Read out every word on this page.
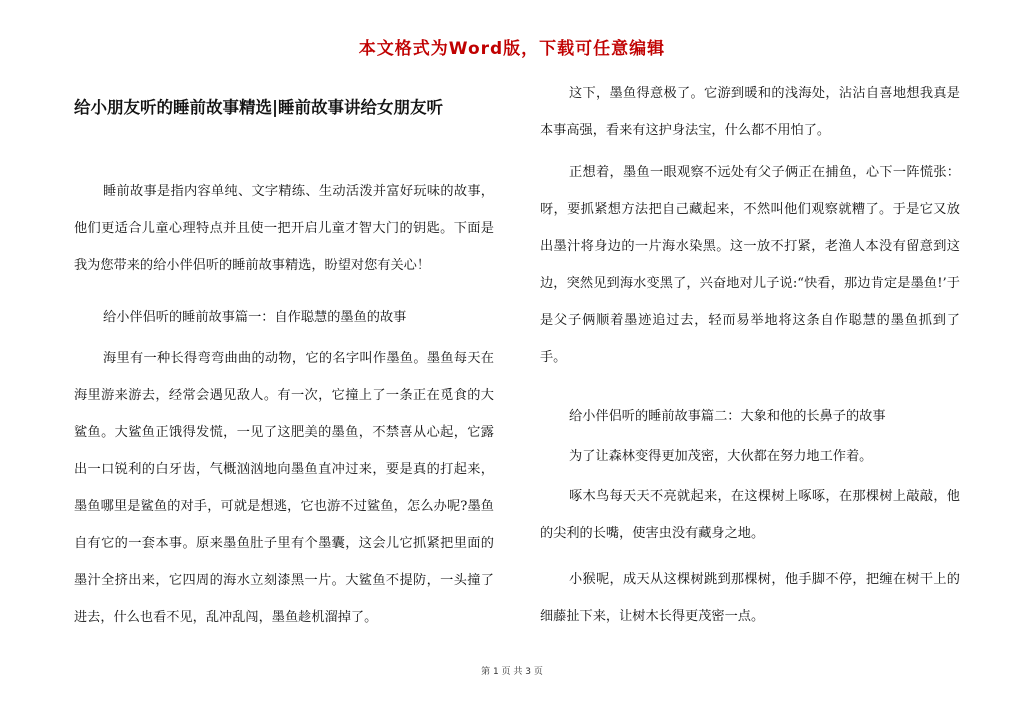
本文格式为Word版，下载可任意编辑
给小朋友听的睡前故事精选|睡前故事讲给女朋友听
睡前故事是指内容单纯、文字精练、生动活泼并富好玩味的故事，他们更适合儿童心理特点并且使一把开启儿童才智大门的钥匙。下面是我为您带来的给小伴侣听的睡前故事精选，盼望对您有关心！
给小伴侣听的睡前故事篇一：自作聪慧的墨鱼的故事
海里有一种长得弯弯曲曲的动物，它的名字叫作墨鱼。墨鱼每天在海里游来游去，经常会遇见敌人。有一次，它撞上了一条正在觅食的大鲨鱼。大鲨鱼正饿得发慌，一见了这肥美的墨鱼，不禁喜从心起，它露出一口锐利的白牙齿，气概汹汹地向墨鱼直冲过来，要是真的打起来，墨鱼哪里是鲨鱼的对手，可就是想逃，它也游不过鲨鱼，怎么办呢?墨鱼自有它的一套本事。原来墨鱼肚子里有个墨囊，这会儿它抓紧把里面的墨汁全挤出来，它四周的海水立刻漆黑一片。大鲨鱼不提防，一头撞了进去，什么也看不见，乱冲乱闯，墨鱼趁机溜掉了。
这下，墨鱼得意极了。它游到暖和的浅海处，沾沾自喜地想我真是本事高强，看来有这护身法宝，什么都不用怕了。
正想着，墨鱼一眼观察不远处有父子俩正在捕鱼，心下一阵慌张：呀，要抓紧想方法把自己藏起来，不然叫他们观察就糟了。于是它又放出墨汁将身边的一片海水染黑。这一放不打紧，老渔人本没有留意到这边，突然见到海水变黑了，兴奋地对儿子说:“快看，那边肯定是墨鱼!’于是父子俩顺着墨迹追过去，轻而易举地将这条自作聪慧的墨鱼抓到了手。
给小伴侣听的睡前故事篇二：大象和他的长鼻子的故事
为了让森林变得更加茂密，大伙都在努力地工作着。
啄木鸟每天天不亮就起来，在这棵树上啄啄，在那棵树上敲敲，他的尖利的长嘴，使害虫没有藏身之地。
小猴呢，成天从这棵树跳到那棵树，他手脚不停，把缠在树干上的细藤扯下来，让树木长得更茂密一点。
第 1 页 共 3 页
